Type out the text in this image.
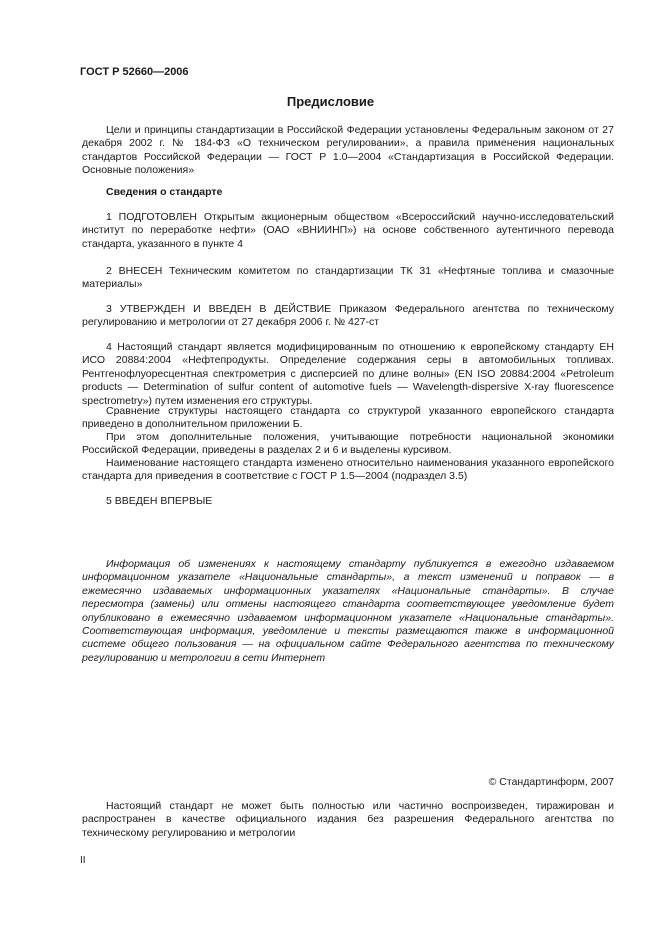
ГОСТ Р 52660—2006
Предисловие

Цели и принципы стандартизации в Российской Федерации установлены Федеральным законом от 27 декабря 2002 г. № 184-ФЗ «О техническом регулировании», а правила применения национальных стандартов Российской Федерации — ГОСТ Р 1.0—2004 «Стандартизация в Российской Федерации. Основные положения»

Сведения о стандарте

1 ПОДГОТОВЛЕН Открытым акционерным обществом «Всероссийский научно-исследовательский институт по переработке нефти» (ОАО «ВНИИНП») на основе собственного аутентичного перевода стандарта, указанного в пункте 4

2 ВНЕСЕН Техническим комитетом по стандартизации ТК 31 «Нефтяные топлива и смазочные материалы»

3 УТВЕРЖДЕН И ВВЕДЕН В ДЕЙСТВИЕ Приказом Федерального агентства по техническому регулированию и метрологии от 27 декабря 2006 г. № 427-ст

4 Настоящий стандарт является модифицированным по отношению к европейскому стандарту ЕН ИСО 20884:2004 «Нефтепродукты. Определение содержания серы в автомобильных топливах. Рентгенофлуоресцентная спектрометрия с дисперсией по длине волны» (EN ISO 20884:2004 «Petroleum products — Determination of sulfur content of automotive fuels — Wavelength-dispersive X-ray fluorescence spectrometry») путем изменения его структуры.

Сравнение структуры настоящего стандарта со структурой указанного европейского стандарта приведено в дополнительном приложении Б.

При этом дополнительные положения, учитывающие потребности национальной экономики Российской Федерации, приведены в разделах 2 и 6 и выделены курсивом.

Наименование настоящего стандарта изменено относительно наименования указанного европейского стандарта для приведения в соответствие с ГОСТ Р 1.5—2004 (подраздел 3.5)

5 ВВЕДЕН ВПЕРВЫЕ

Информация об изменениях к настоящему стандарту публикуется в ежегодно издаваемом информационном указателе «Национальные стандарты», а текст изменений и поправок — в ежемесячно издаваемых информационных указателях «Национальные стандарты». В случае пересмотра (замены) или отмены настоящего стандарта соответствующее уведомление будет опубликовано в ежемесячно издаваемом информационном указателе «Национальные стандарты». Соответствующая информация, уведомление и тексты размещаются также в информационной системе общего пользования — на официальном сайте Федерального агентства по техническому регулированию и метрологии в сети Интернет

© Стандартинформ, 2007

Настоящий стандарт не может быть полностью или частично воспроизведен, тиражирован и распространен в качестве официального издания без разрешения Федерального агентства по техническому регулированию и метрологии

II
